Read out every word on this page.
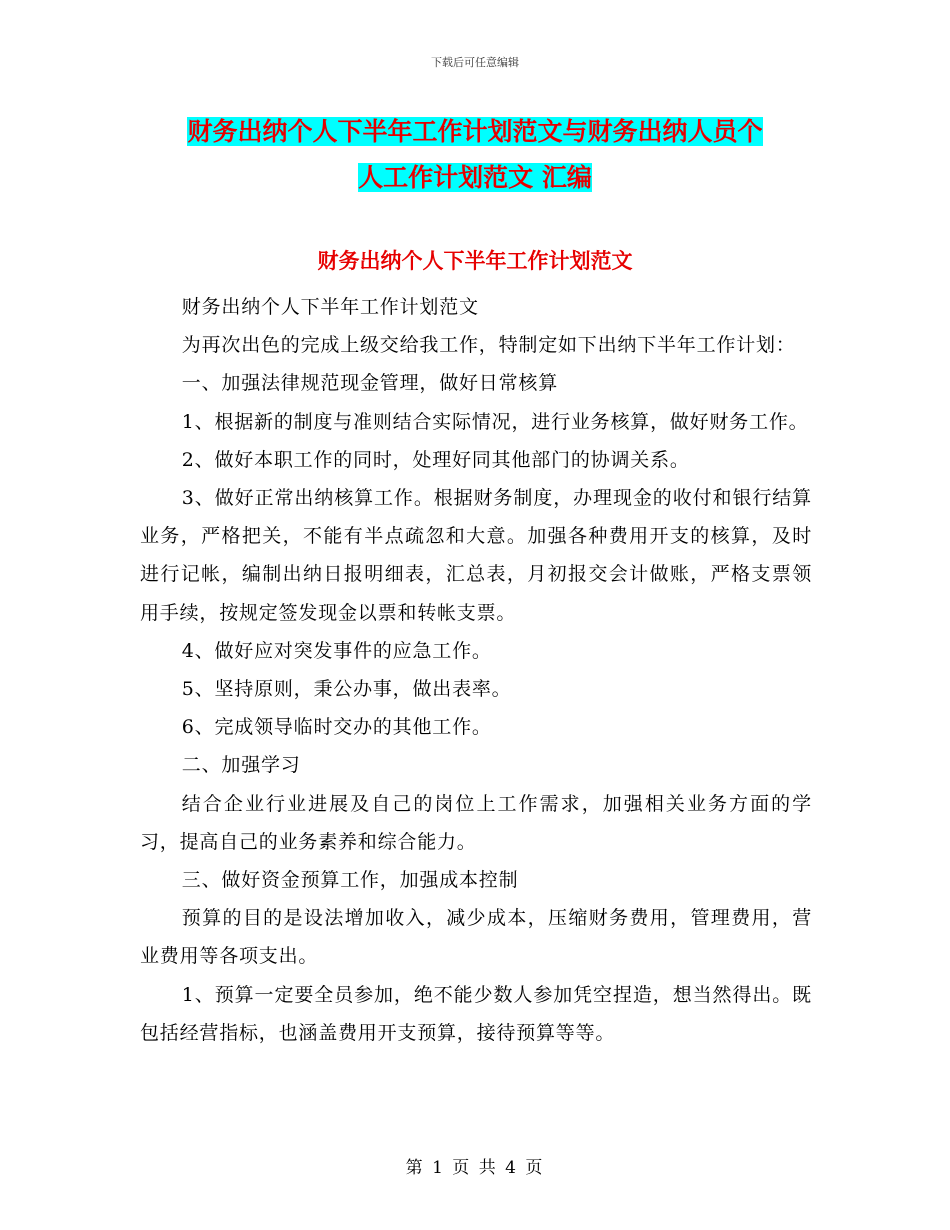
下载后可任意编辑
财务出纳个人下半年工作计划范文与财务出纳人员个
人工作计划范文 汇编
财务出纳个人下半年工作计划范文

财务出纳个人下半年工作计划范文

为再次出色的完成上级交给我工作，特制定如下出纳下半年工作计划：

一、加强法律规范现金管理，做好日常核算

1、根据新的制度与准则结合实际情况，进行业务核算，做好财务工作。

2、做好本职工作的同时，处理好同其他部门的协调关系。

3、做好正常出纳核算工作。根据财务制度，办理现金的收付和银行结算业务，严格把关，不能有半点疏忽和大意。加强各种费用开支的核算，及时进行记帐，编制出纳日报明细表，汇总表，月初报交会计做账，严格支票领用手续，按规定签发现金以票和转帐支票。

4、做好应对突发事件的应急工作。

5、坚持原则，秉公办事，做出表率。

6、完成领导临时交办的其他工作。

二、加强学习

结合企业行业进展及自己的岗位上工作需求，加强相关业务方面的学习，提高自己的业务素养和综合能力。

三、做好资金预算工作，加强成本控制

预算的目的是设法增加收入，减少成本，压缩财务费用，管理费用，营业费用等各项支出。

1、预算一定要全员参加，绝不能少数人参加凭空捏造，想当然得出。既包括经营指标，也涵盖费用开支预算，接待预算等等。

第 1 页 共 4 页
